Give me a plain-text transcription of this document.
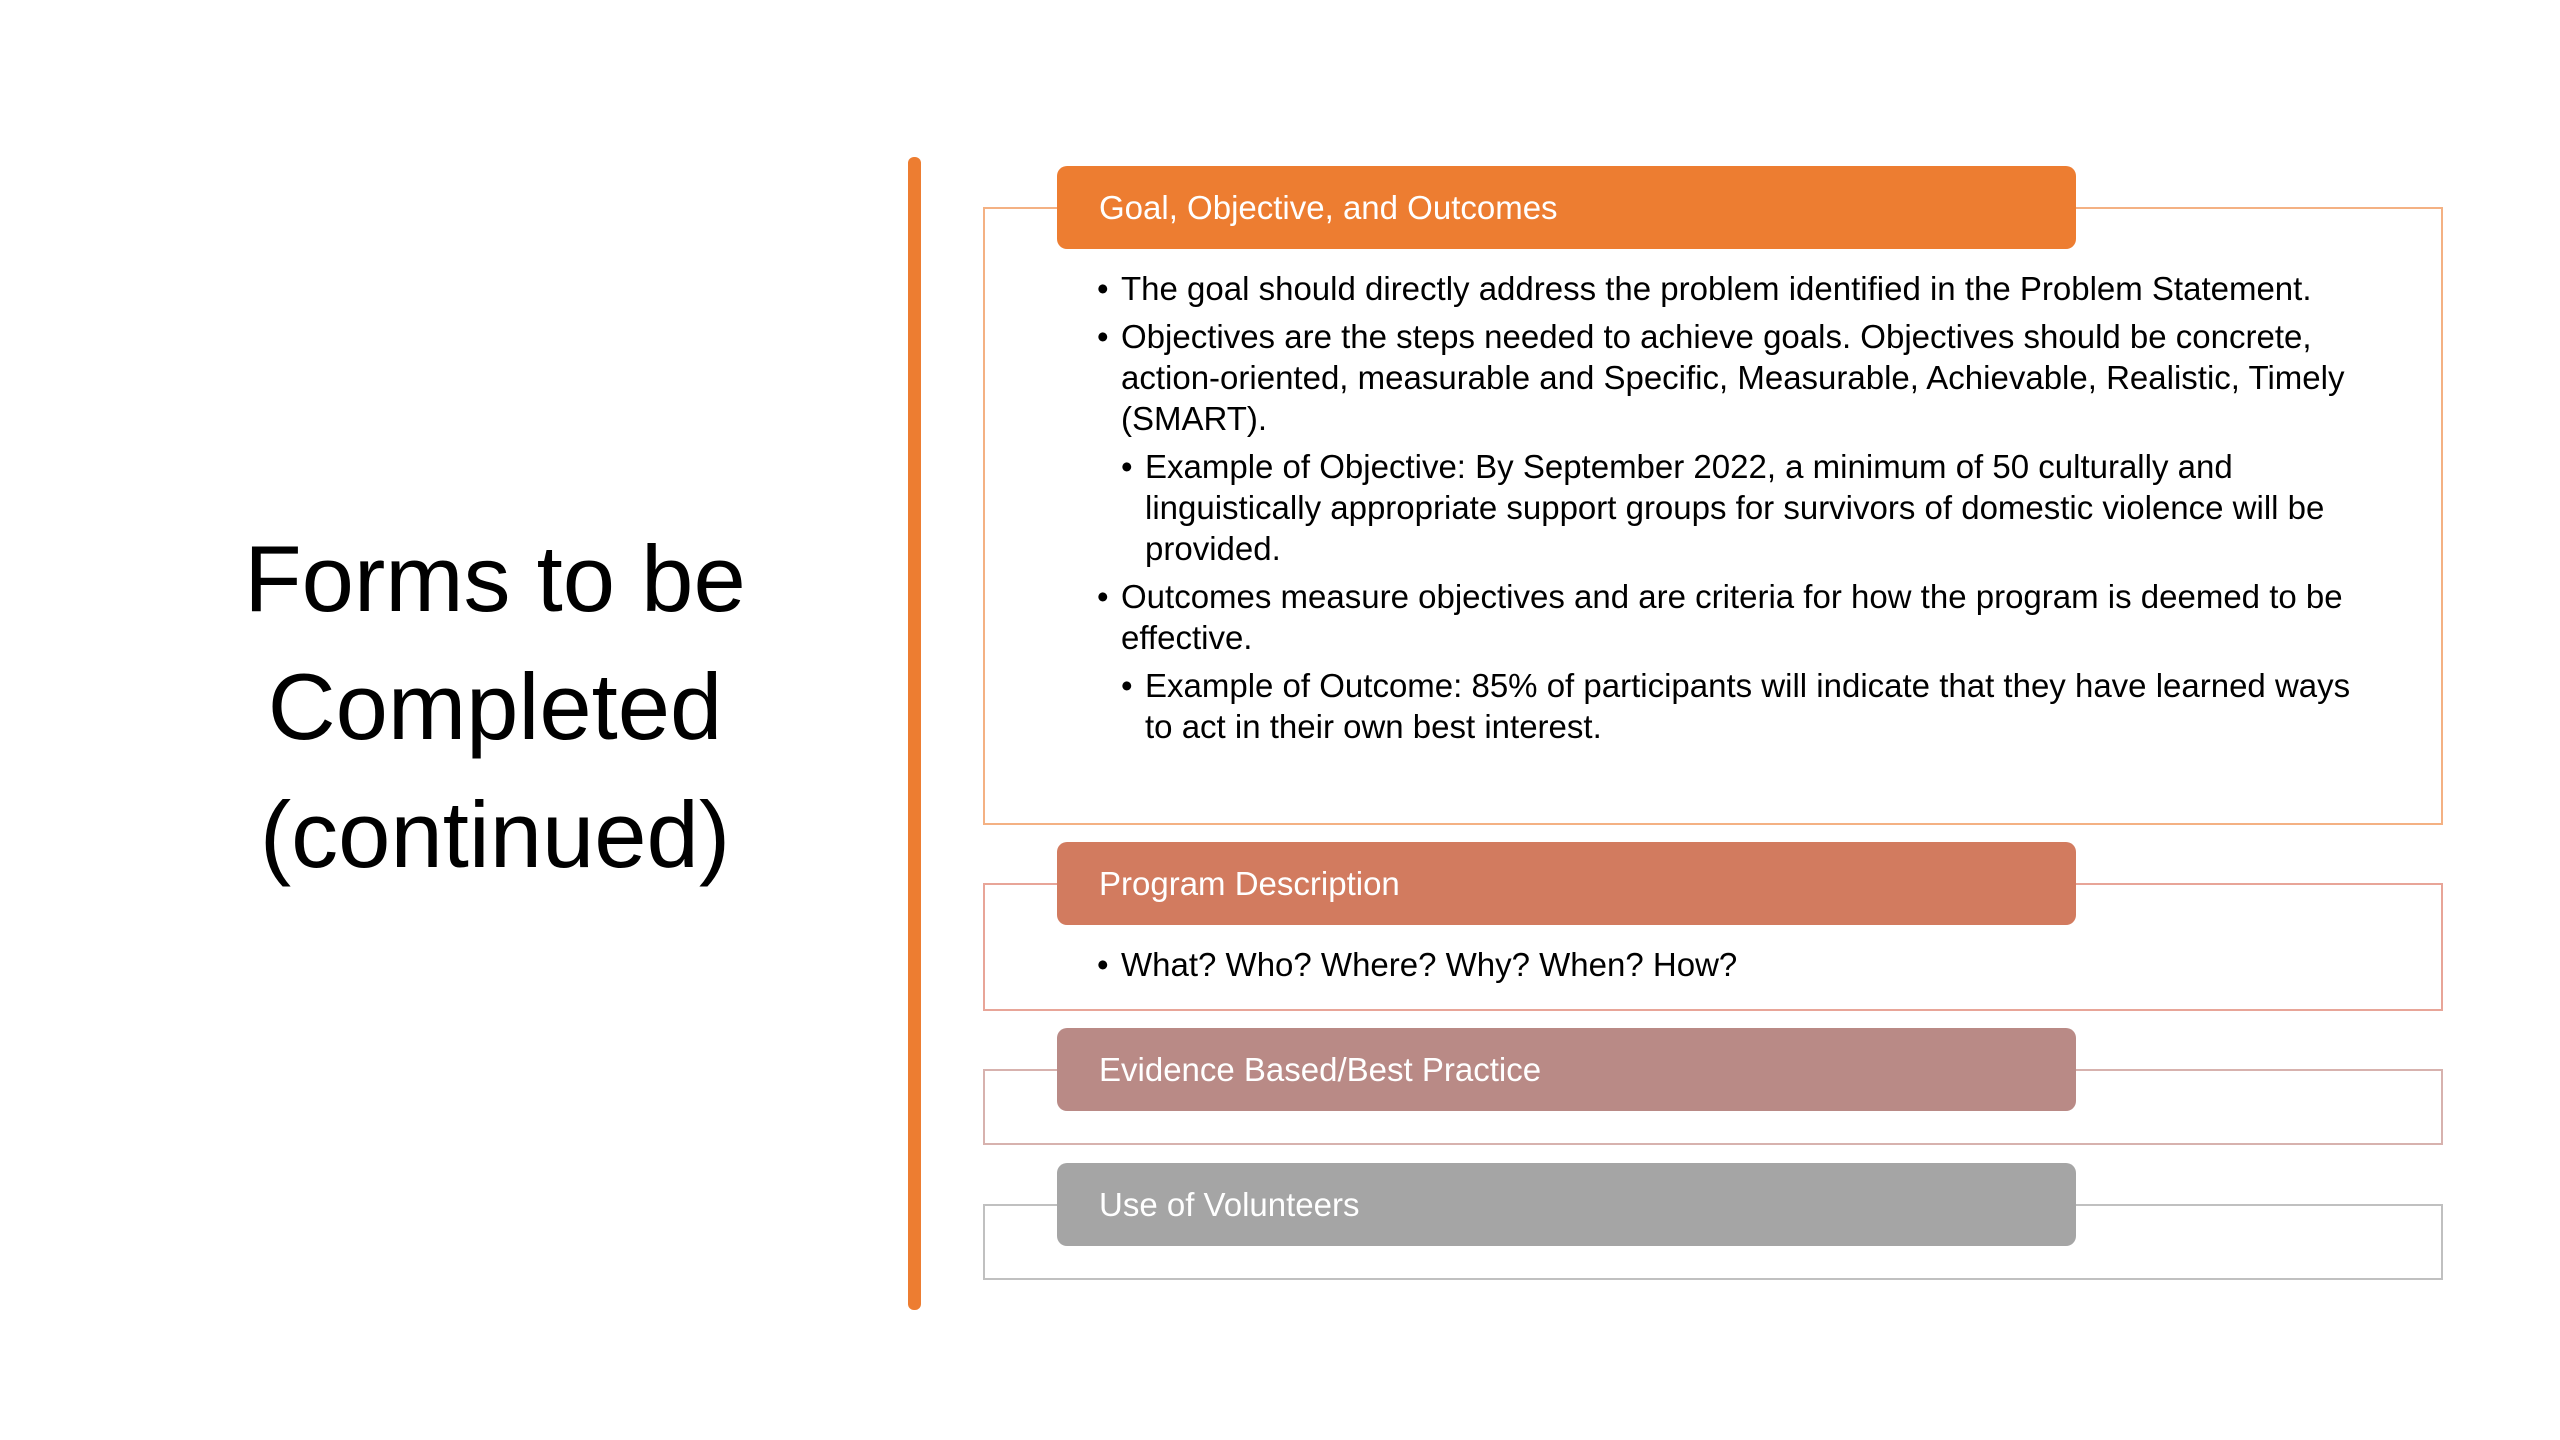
Forms to be
Completed
(continued)
Goal, Objective, and Outcomes
• The goal should directly address the problem identified in the Problem Statement.
• Objectives are the steps needed to achieve goals. Objectives should be concrete, action-oriented, measurable and Specific, Measurable, Achievable, Realistic, Timely (SMART).
• Example of Objective: By September 2022, a minimum of 50 culturally and linguistically appropriate support groups for survivors of domestic violence will be provided.
• Outcomes measure objectives and are criteria for how the program is deemed to be effective.
• Example of Outcome: 85% of participants will indicate that they have learned ways to act in their own best interest.
Program Description
• What? Who? Where? Why? When? How?
Evidence Based/Best Practice
Use of Volunteers
